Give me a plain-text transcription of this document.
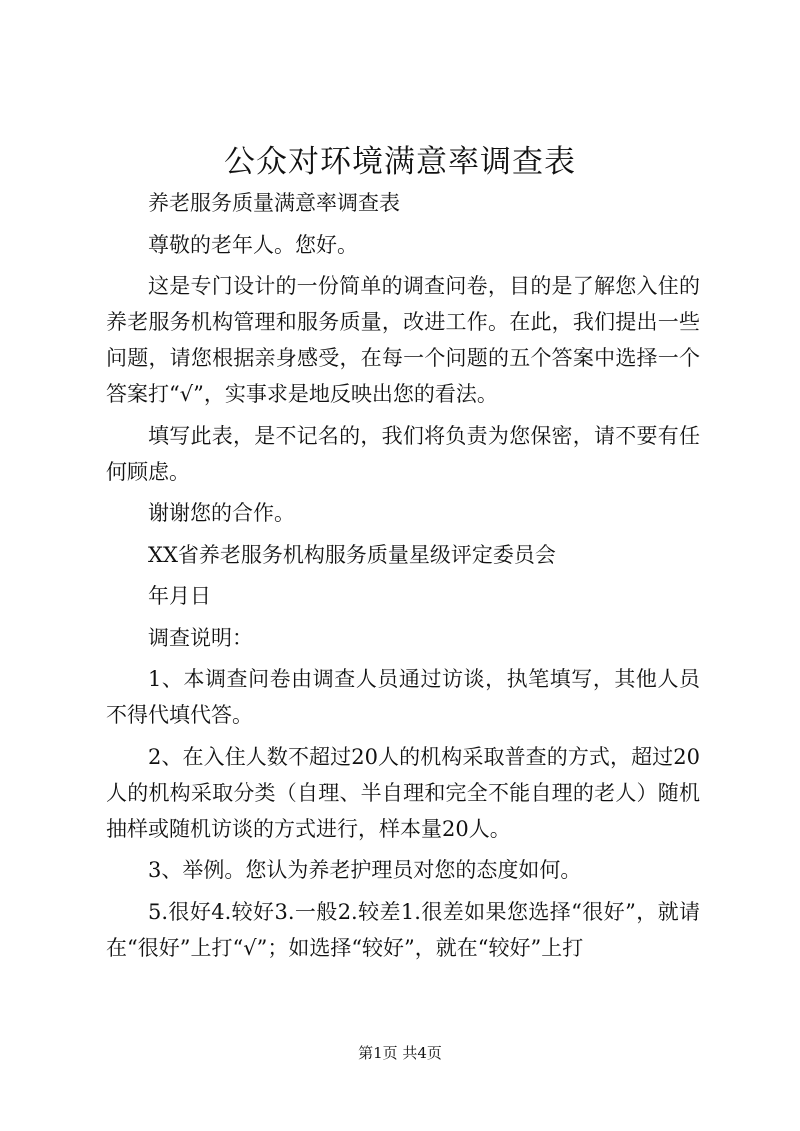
公众对环境满意率调查表

养老服务质量满意率调查表

尊敬的老年人。您好。

这是专门设计的一份简单的调查问卷，目的是了解您入住的养老服务机构管理和服务质量，改进工作。在此，我们提出一些问题，请您根据亲身感受，在每一个问题的五个答案中选择一个答案打“√”，实事求是地反映出您的看法。

填写此表，是不记名的，我们将负责为您保密，请不要有任何顾虑。

谢谢您的合作。

XX省养老服务机构服务质量星级评定委员会

年月日

调查说明：

1、本调查问卷由调查人员通过访谈，执笔填写，其他人员不得代填代答。

2、在入住人数不超过20人的机构采取普查的方式，超过20人的机构采取分类（自理、半自理和完全不能自理的老人）随机抽样或随机访谈的方式进行，样本量20人。

3、举例。您认为养老护理员对您的态度如何。

5.很好4.较好3.一般2.较差1.很差如果您选择“很好”，就请在“很好”上打“√”；如选择“较好”，就在“较好”上打

第1页 共4页
